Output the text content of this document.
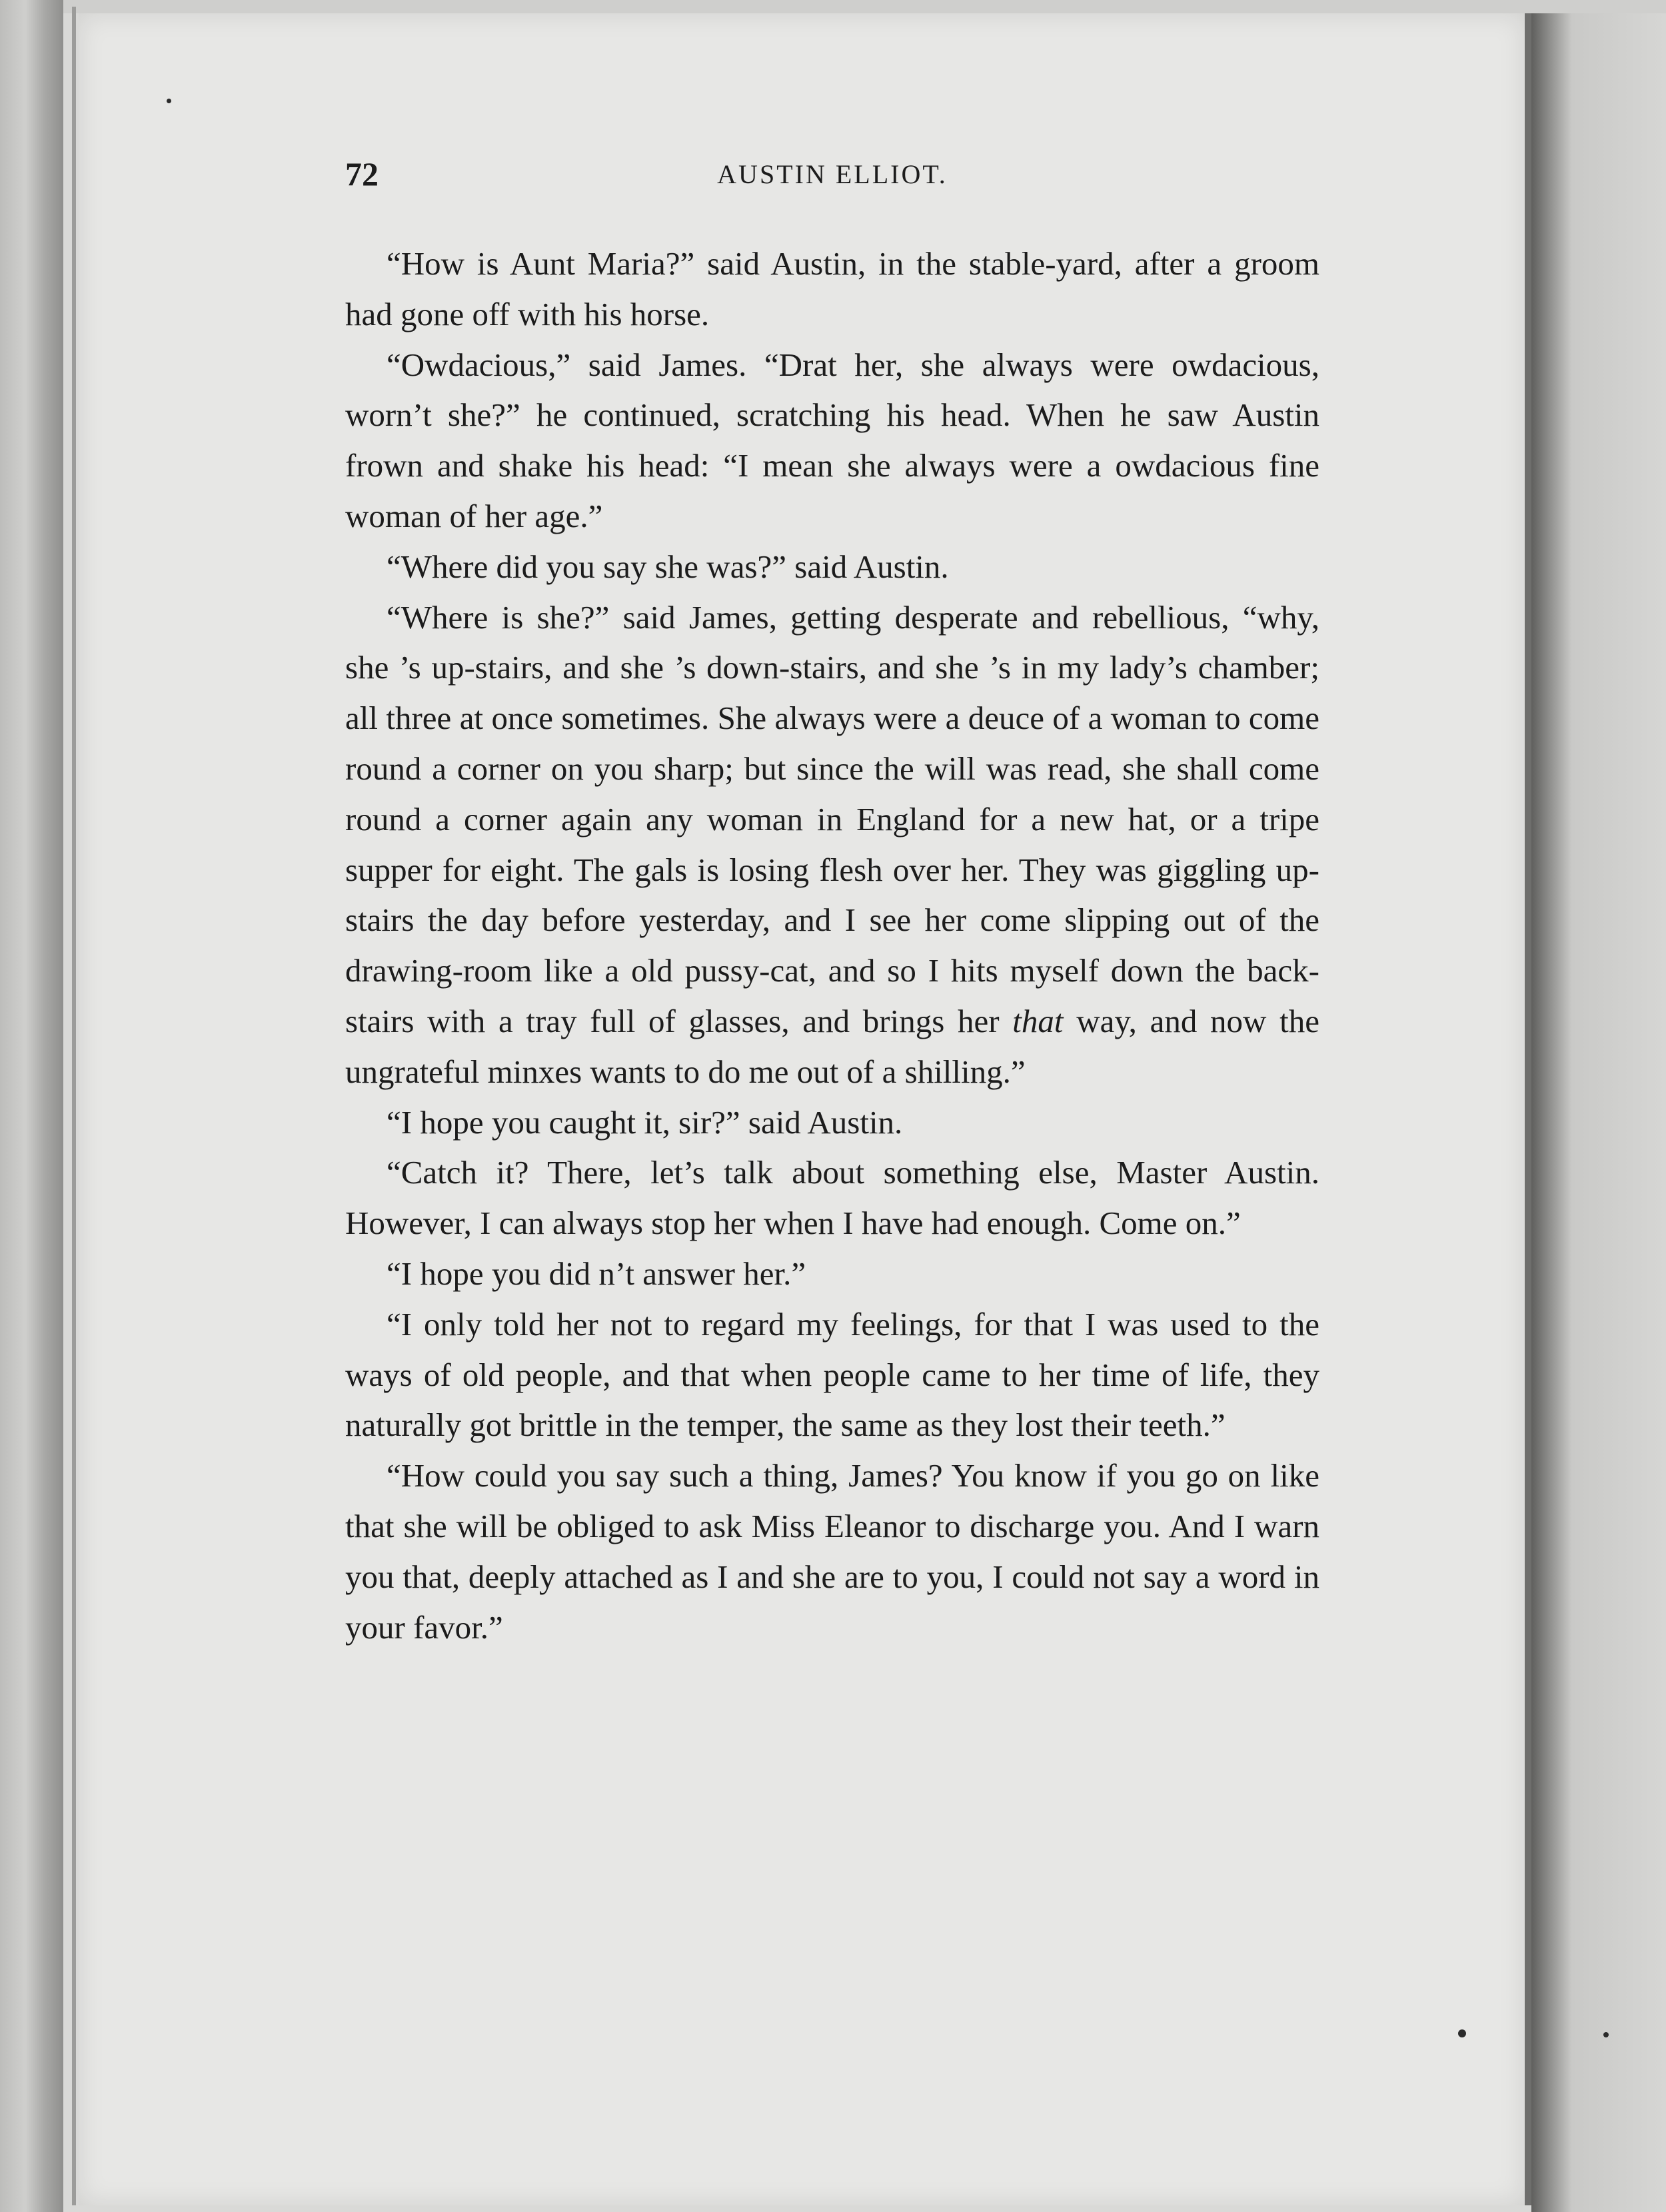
72	AUSTIN ELLIOT.

“How is Aunt Maria?” said Austin, in the stable-yard, after a groom had gone off with his horse.

“Owdacious,” said James. “Drat her, she always were owdacious, worn’t she?” he continued, scratching his head. When he saw Austin frown and shake his head: “I mean she always were a owdacious fine woman of her age.”

“Where did you say she was?” said Austin.

“Where is she?” said James, getting desperate and rebellious, “why, she ’s up-stairs, and she ’s down-stairs, and she ’s in my lady’s chamber; all three at once sometimes. She always were a deuce of a woman to come round a corner on you sharp; but since the will was read, she shall come round a corner again any woman in England for a new hat, or a tripe supper for eight. The gals is losing flesh over her. They was giggling up-stairs the day before yesterday, and I see her come slipping out of the drawing-room like a old pussy-cat, and so I hits myself down the back-stairs with a tray full of glasses, and brings her that way, and now the ungrateful minxes wants to do me out of a shilling.”

“I hope you caught it, sir?” said Austin.

“Catch it? There, let’s talk about something else, Master Austin. However, I can always stop her when I have had enough. Come on.”

“I hope you did n’t answer her.”

“I only told her not to regard my feelings, for that I was used to the ways of old people, and that when people came to her time of life, they naturally got brittle in the temper, the same as they lost their teeth.”

“How could you say such a thing, James? You know if you go on like that she will be obliged to ask Miss Eleanor to discharge you. And I warn you that, deeply attached as I and she are to you, I could not say a word in your favor.”
